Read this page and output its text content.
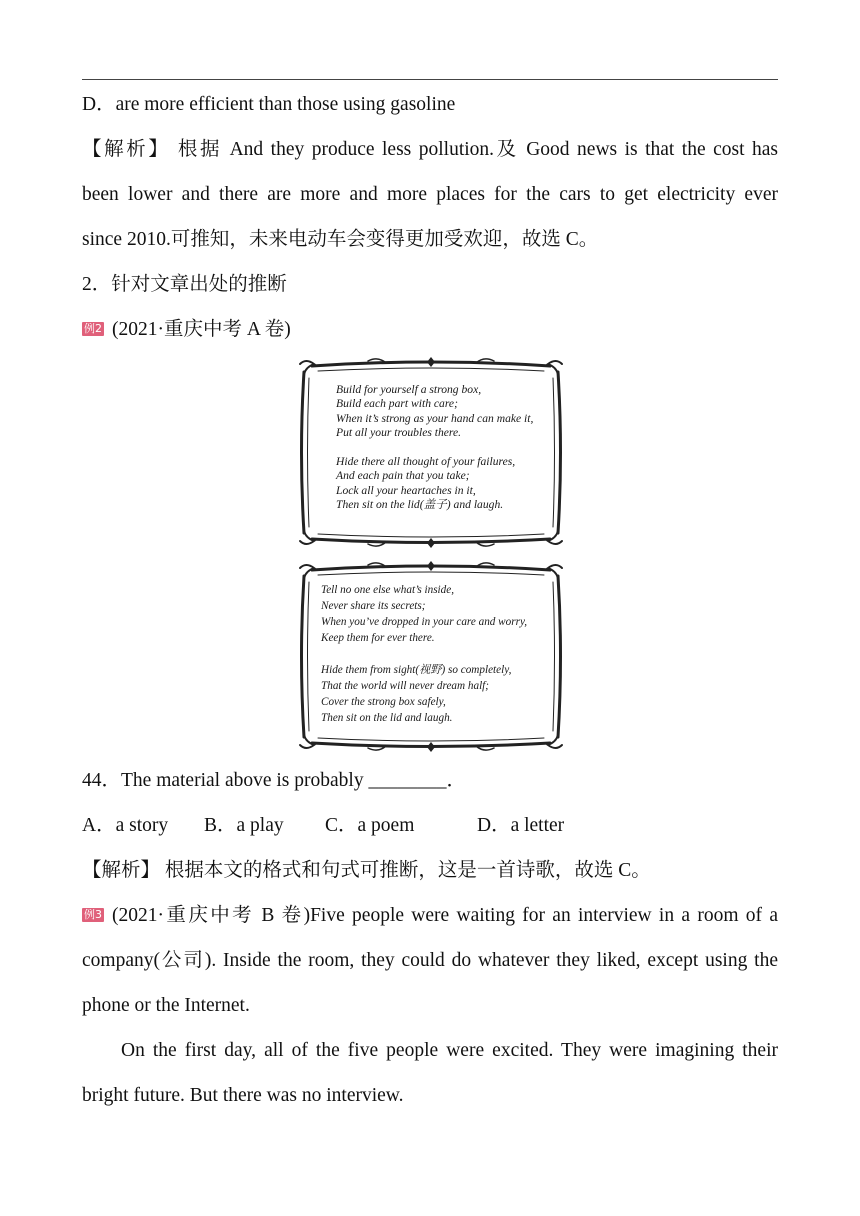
D．are more efficient than those using gasoline
【解析】 根据 And they produce less pollution.及 Good news is that the cost has
been lower and there are more and more places for the cars to get electricity ever
since 2010.可推知，未来电动车会变得更加受欢迎，故选 C。
2．针对文章出处的推断
例2 (2021·重庆中考 A 卷)
Build for yourself a strong box,
Build each part with care;
When it’s strong as your hand can make it,
Put all your troubles there.
Hide there all thought of your failures,
And each pain that you take;
Lock all your heartaches in it,
Then sit on the lid(盖子) and laugh.
Tell no one else what’s inside,
Never share its secrets;
When you’ve dropped in your care and worry,
Keep them for ever there.
Hide them from sight(视野) so completely,
That the world will never dream half;
Cover the strong box safely,
Then sit on the lid and laugh.
44．The material above is probably ________．
A．a story B．a play C．a poem	D．a letter
【解析】 根据本文的格式和句式可推断，这是一首诗歌，故选 C。
例3 (2021·重庆中考 B 卷)Five people were waiting for an interview in a room of a
company(公司). Inside the room, they could do whatever they liked, except using the
phone or the Internet.
On the first day, all of the five people were excited. They were imagining their
bright future. But there was no interview.
